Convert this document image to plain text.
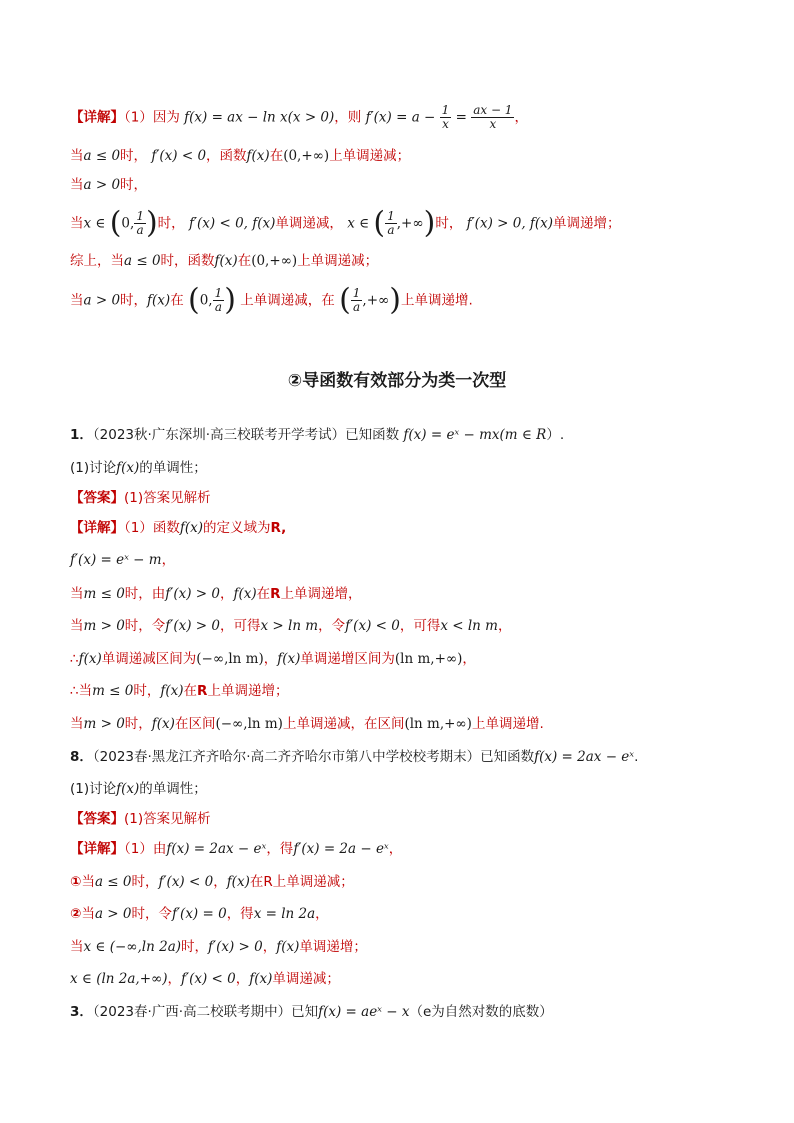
【详解】（1）因为 f(x) = ax − ln x(x > 0)，则 $f'(x) = a - \frac{1}{x} = \frac{ax - 1}{x}$ ，
当a ≤ 0时， f′(x) < 0，函数f(x)在(0,+∞)上单调递减；
当a > 0时，
当x ∈ (0, $\frac{1}{a}$ )时， f′(x) < 0, f(x)单调递减， x ∈ ( $\frac{1}{a}$ ,+∞)时， f′(x) > 0, f(x)单调递增；
综上，当a ≤ 0时，函数f(x)在(0,+∞)上单调递减；
当a > 0时，f(x)在 (0, $\frac{1}{a}$ ) 上单调递减，在 ( $\frac{1}{a}$ ,+∞)上单调递增.
②导函数有效部分为类一次型
1．（2023秋·广东深圳·高三校联考开学考试）已知函数 f(x) = eˣ − mx(m ∈ R）.
(1)讨论f(x)的单调性；
【答案】(1)答案见解析
【详解】（1）函数f(x)的定义域为R,
f′(x) = eˣ − m，
当m ≤ 0时，由f′(x) > 0，f(x)在R上单调递增，
当m > 0时，令f′(x) > 0，可得x > ln m，令f′(x) < 0，可得x < ln m，
∴f(x)单调递减区间为(−∞,ln m)，f(x)单调递增区间为(ln m,+∞)，
∴当m ≤ 0时，f(x)在R上单调递增；
当m > 0时，f(x)在区间(−∞,ln m)上单调递减，在区间(ln m,+∞)上单调递增.
8．（2023春·黑龙江齐齐哈尔·高二齐齐哈尔市第八中学校校考期末）已知函数f(x) = 2ax − eˣ.
(1)讨论f(x)的单调性；
【答案】(1)答案见解析
【详解】（1）由f(x) = 2ax − eˣ，得f′(x) = 2a − eˣ，
①当a ≤ 0时，f′(x) < 0，f(x)在R上单调递减；
②当a > 0时，令f′(x) = 0，得x = ln 2a，
当x ∈ (−∞,ln 2a)时，f′(x) > 0，f(x)单调递增；
x ∈ (ln 2a,+∞)，f′(x) < 0，f(x)单调递减；
3．（2023春·广西·高二校联考期中）已知f(x) = aeˣ − x（e为自然对数的底数）
